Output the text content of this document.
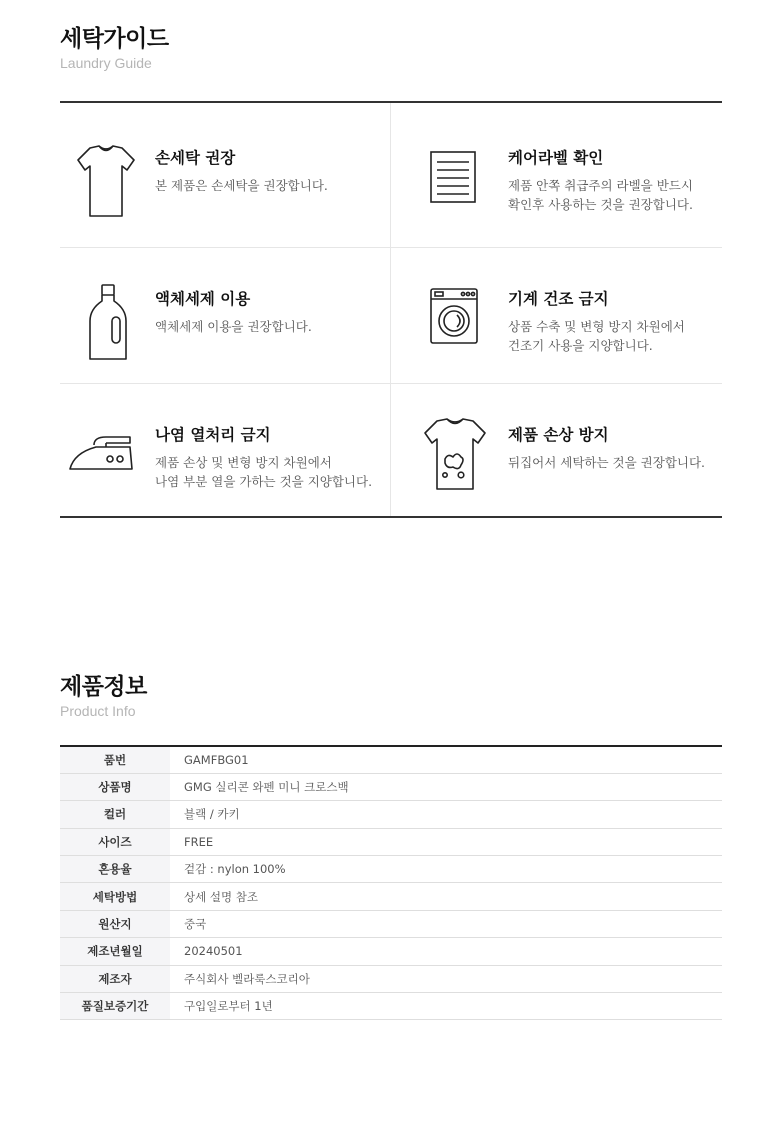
세탁가이드
Laundry Guide
손세탁 권장
본 제품은 손세탁을 권장합니다.
케어라벨 확인
제품 안쪽 취급주의 라벨을 반드시
확인후 사용하는 것을 권장합니다.
액체세제 이용
액체세제 이용을 권장합니다.
기계 건조 금지
상품 수축 및 변형 방지 차원에서
건조기 사용을 지양합니다.
나염 열처리 금지
제품 손상 및 변형 방지 차원에서
나염 부분 열을 가하는 것을 지양합니다.
제품 손상 방지
뒤집어서 세탁하는 것을 권장합니다.
제품정보
Product Info
품번	GAMFBG01
상품명	GMG 실리콘 와펜 미니 크로스백
컬러	블랙 / 카키
사이즈	FREE
혼용율	겉감 : nylon 100%
세탁방법	상세 설명 참조
원산지	중국
제조년월일	20240501
제조자	주식회사 벨라룩스코리아
품질보증기간	구입일로부터 1년
